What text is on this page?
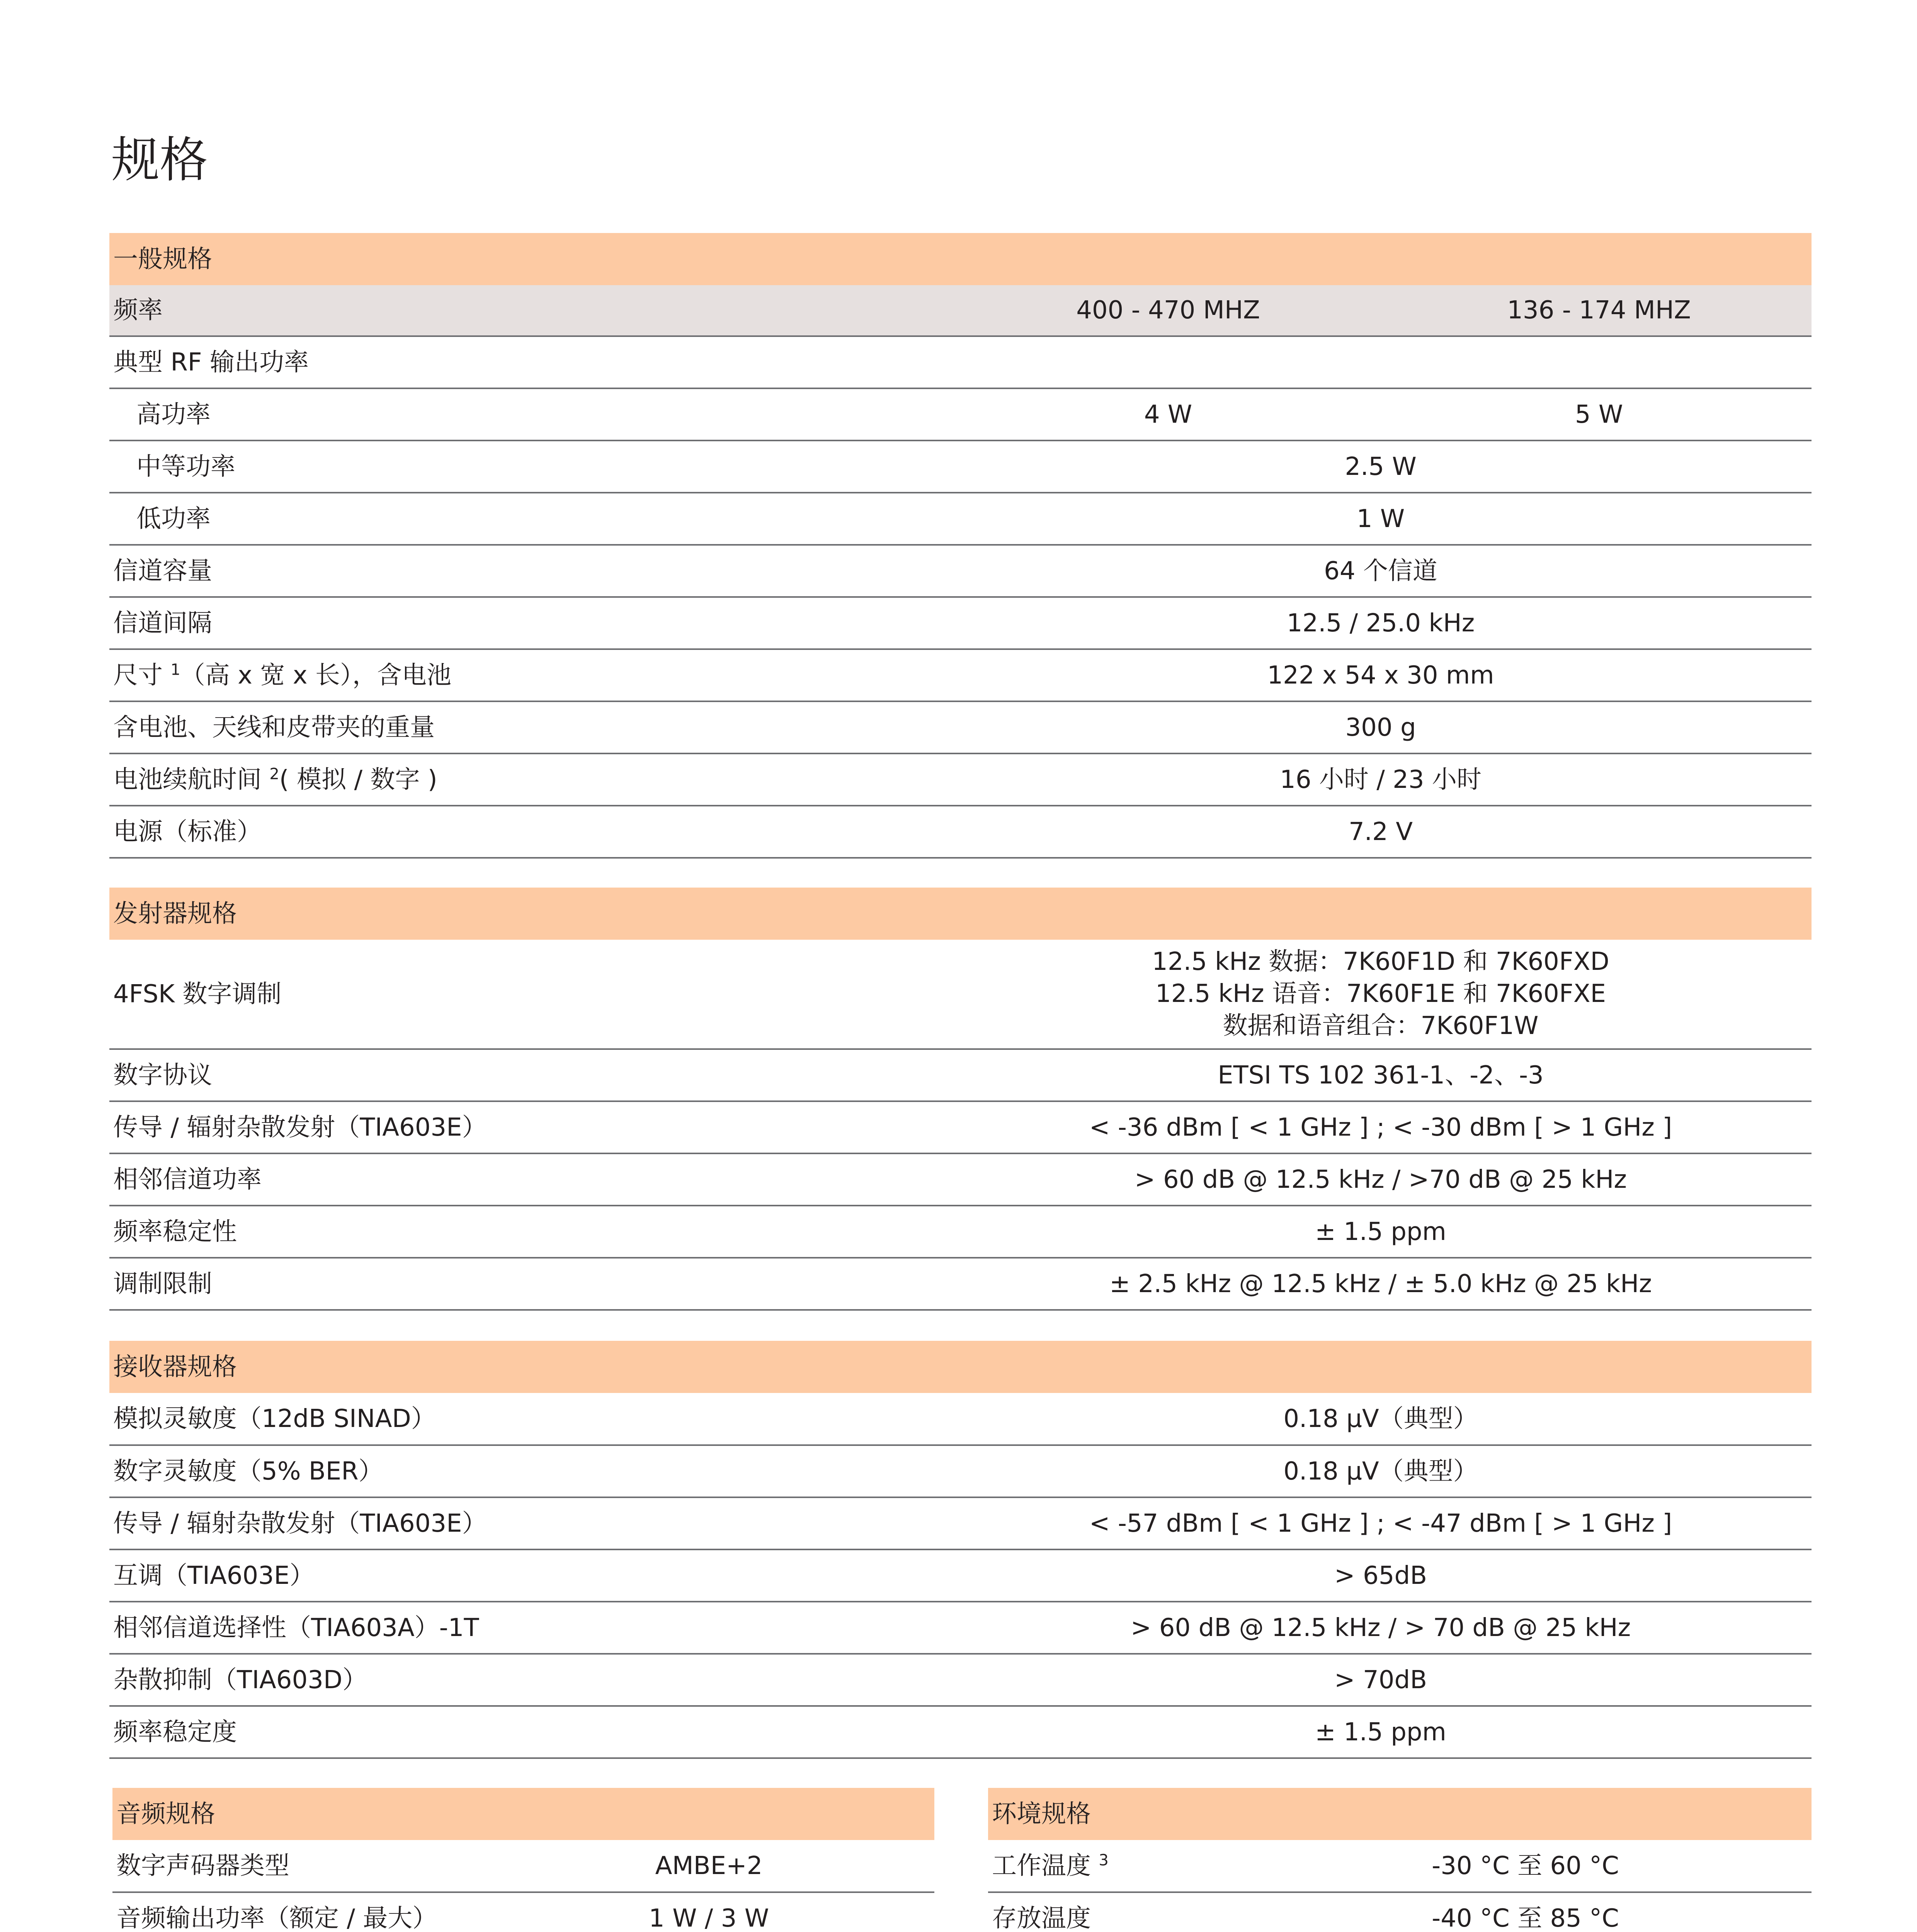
规格
一般规格		
频率	400 - 470 MHZ	136 - 174 MHZ
典型 RF 输出功率		
高功率	4 W	5 W
中等功率	2.5 W	
低功率	1 W	
信道容量	64 个信道	
信道间隔	12.5 / 25.0 kHz	
尺寸 $^1$（高 x 宽 x 长），含电池	122 x 54 x 30 mm	
含电池、天线和皮带夹的重量	300 g	
电池续航时间 $^2$( 模拟 / 数字 )	16 小时 / 23 小时	
电源（标准）	7.2 V	
发射器规格	
4FSK 数字调制	12.5 kHz 数据：7K60F1D 和 7K60FXD
12.5 kHz 语音：7K60F1E 和 7K60FXE
数据和语音组合：7K60F1W

数字协议	ETSI TS 102 361-1、-2、-3
传导 / 辐射杂散发射（TIA603E）	< -36 dBm [ < 1 GHz ] ; < -30 dBm [ > 1 GHz ]
相邻信道功率	> 60 dB @ 12.5 kHz / >70 dB @ 25 kHz
频率稳定性	± 1.5 ppm
调制限制	± 2.5 kHz @ 12.5 kHz / ± 5.0 kHz @ 25 kHz
接收器规格	
模拟灵敏度（12dB SINAD）	0.18 μV（典型）
数字灵敏度（5% BER）	0.18 μV（典型）
传导 / 辐射杂散发射（TIA603E）	< -57 dBm [ < 1 GHz ] ; < -47 dBm [ > 1 GHz ]
互调（TIA603E）	> 65dB
相邻信道选择性（TIA603A）-1T	> 60 dB @ 12.5 kHz / > 70 dB @ 25 kHz
杂散抑制（TIA603D）	> 70dB
频率稳定度	± 1.5 ppm
音频规格	
数字声码器类型	AMBE+2
音频输出功率（额定 / 最大）	1 W / 3 W

环境规格	
工作温度 $^3$	-30 °C 至 60 °C
存放温度	-40 °C 至 85 °C
